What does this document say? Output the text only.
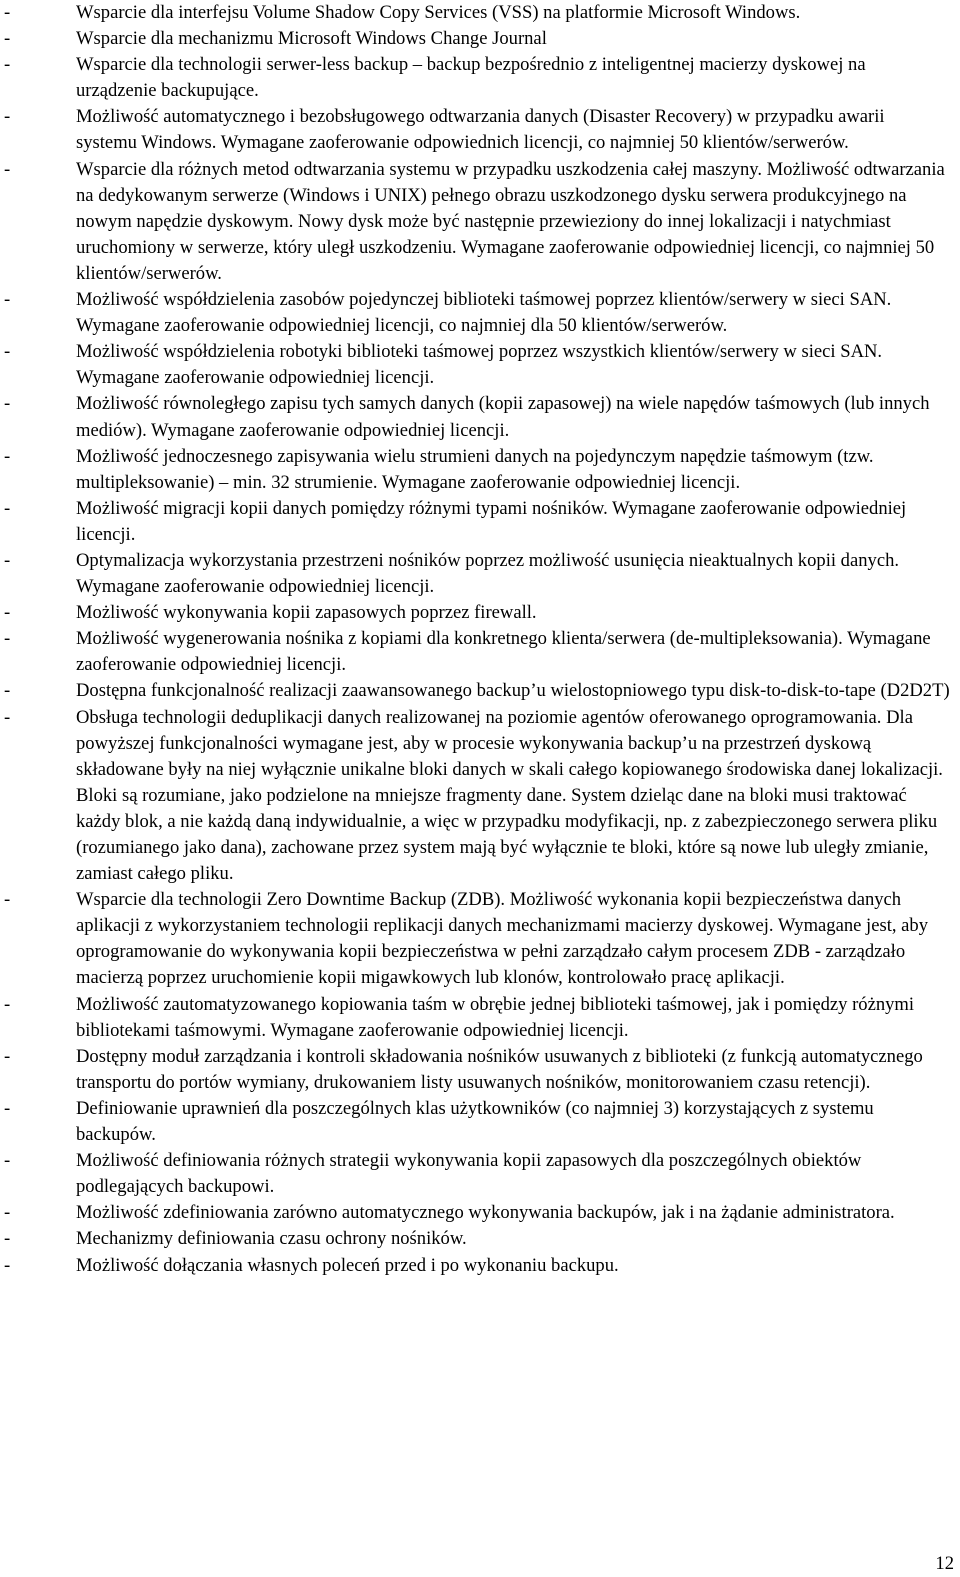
-	Wsparcie dla interfejsu Volume Shadow Copy Services (VSS) na platformie Microsoft Windows.
-	Wsparcie dla mechanizmu Microsoft Windows Change Journal
-	Wsparcie dla technologii serwer-less backup – backup bezpośrednio z inteligentnej macierzy dyskowej na urządzenie backupujące.
-	Możliwość automatycznego i bezobsługowego odtwarzania danych (Disaster Recovery) w przypadku awarii systemu Windows. Wymagane zaoferowanie odpowiednich licencji, co najmniej 50 klientów/serwerów.
-	Wsparcie dla różnych metod odtwarzania systemu w przypadku uszkodzenia całej maszyny. Możliwość odtwarzania na dedykowanym serwerze (Windows i UNIX) pełnego obrazu uszkodzonego dysku serwera produkcyjnego na nowym napędzie dyskowym. Nowy dysk może być następnie przewieziony do innej lokalizacji i natychmiast uruchomiony w serwerze, który uległ uszkodzeniu. Wymagane zaoferowanie odpowiedniej licencji, co najmniej 50 klientów/serwerów.
-	Możliwość współdzielenia zasobów pojedynczej biblioteki taśmowej poprzez klientów/serwery w sieci SAN. Wymagane zaoferowanie odpowiedniej licencji, co najmniej dla 50 klientów/serwerów.
-	Możliwość współdzielenia robotyki biblioteki taśmowej poprzez wszystkich klientów/serwery w sieci SAN. Wymagane zaoferowanie odpowiedniej licencji.
-	Możliwość równoległego zapisu tych samych danych (kopii zapasowej) na wiele napędów taśmowych (lub innych mediów). Wymagane zaoferowanie odpowiedniej licencji.
-	Możliwość jednoczesnego zapisywania wielu strumieni danych na pojedynczym napędzie taśmowym (tzw. multipleksowanie) – min. 32 strumienie. Wymagane zaoferowanie odpowiedniej licencji.
-	Możliwość migracji kopii danych pomiędzy różnymi typami nośników. Wymagane zaoferowanie odpowiedniej licencji.
-	Optymalizacja wykorzystania przestrzeni nośników poprzez możliwość usunięcia nieaktualnych kopii danych. Wymagane zaoferowanie odpowiedniej licencji.
-	Możliwość wykonywania kopii zapasowych poprzez firewall.
-	Możliwość wygenerowania nośnika z kopiami dla konkretnego klienta/serwera (de-multipleksowania). Wymagane zaoferowanie odpowiedniej licencji.
-	Dostępna funkcjonalność realizacji zaawansowanego backup’u wielostopniowego typu disk-to-disk-to-tape (D2D2T)
-	Obsługa technologii deduplikacji danych realizowanej na poziomie agentów oferowanego oprogramowania. Dla powyższej funkcjonalności wymagane jest, aby w procesie wykonywania backup’u na przestrzeń dyskową składowane były na niej wyłącznie unikalne bloki danych w skali całego kopiowanego środowiska danej lokalizacji. Bloki są rozumiane, jako podzielone na mniejsze fragmenty dane. System dzieląc dane na bloki musi traktować każdy blok, a nie każdą daną indywidualnie, a więc w przypadku modyfikacji, np. z zabezpieczonego serwera pliku (rozumianego jako dana), zachowane przez system mają być wyłącznie te bloki, które są nowe lub uległy zmianie, zamiast całego pliku.
-	Wsparcie dla technologii Zero Downtime Backup (ZDB). Możliwość wykonania kopii bezpieczeństwa danych aplikacji z wykorzystaniem technologii replikacji danych mechanizmami macierzy dyskowej. Wymagane jest, aby oprogramowanie do wykonywania kopii bezpieczeństwa w pełni zarządzało całym procesem ZDB - zarządzało macierzą poprzez uruchomienie kopii migawkowych lub klonów, kontrolowało pracę aplikacji.
-	Możliwość zautomatyzowanego kopiowania taśm w obrębie jednej biblioteki taśmowej, jak i pomiędzy różnymi bibliotekami taśmowymi. Wymagane zaoferowanie odpowiedniej licencji.
-	Dostępny moduł zarządzania i kontroli składowania nośników usuwanych z biblioteki (z funkcją automatycznego transportu do portów wymiany, drukowaniem listy usuwanych nośników, monitorowaniem czasu retencji).
-	Definiowanie uprawnień dla poszczególnych klas użytkowników (co najmniej 3) korzystających z systemu backupów.
-	Możliwość definiowania różnych strategii wykonywania kopii zapasowych dla poszczególnych obiektów podlegających backupowi.
-	Możliwość zdefiniowania zarówno automatycznego wykonywania backupów, jak i na żądanie administratora.
-	Mechanizmy definiowania czasu ochrony nośników.
-	Możliwość dołączania własnych poleceń przed i po wykonaniu backupu.
12
